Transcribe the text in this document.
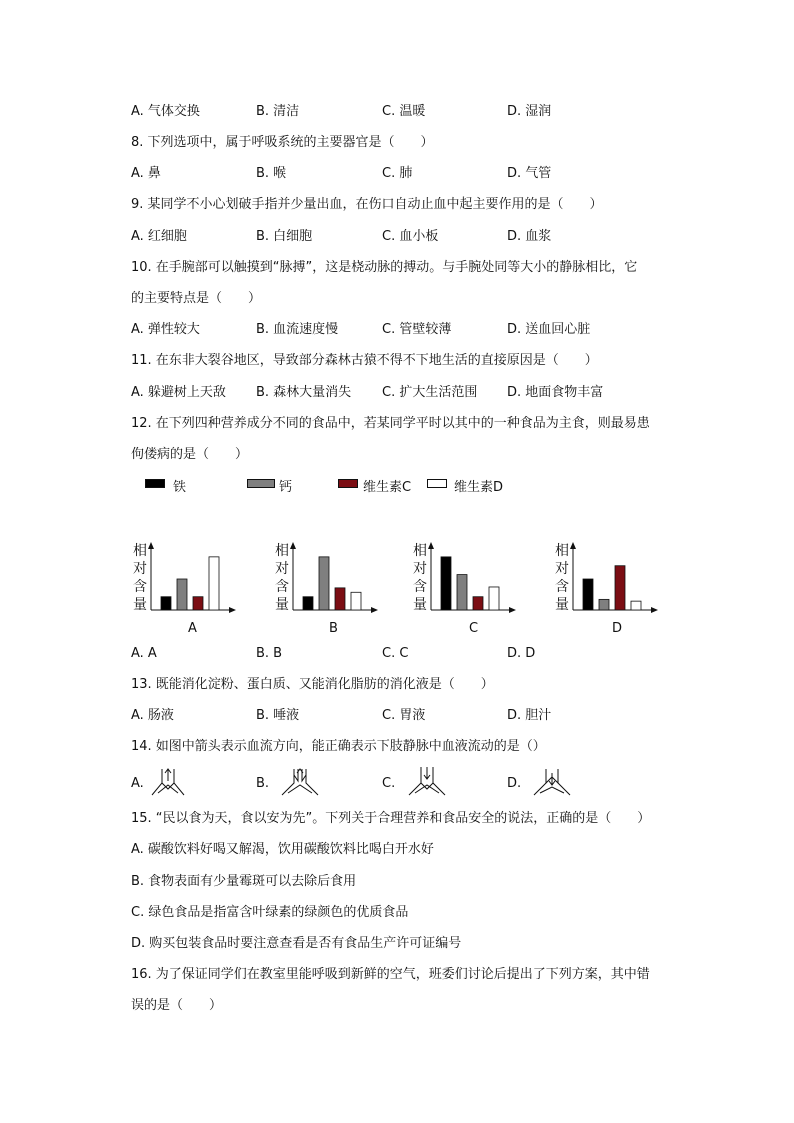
A. 气体交换	B. 清洁	C. 温暖	D. 湿润
8. 下列选项中，属于呼吸系统的主要器官是（　　）
A. 鼻	B. 喉	C. 肺	D. 气管
9. 某同学不小心划破手指并少量出血，在伤口自动止血中起主要作用的是（　　）
A. 红细胞	B. 白细胞	C. 血小板	D. 血浆
10. 在手腕部可以触摸到“脉搏”，这是桡动脉的搏动。与手腕处同等大小的静脉相比，它
的主要特点是（　　）
A. 弹性较大	B. 血流速度慢	C. 管壁较薄	D. 送血回心脏
11. 在东非大裂谷地区，导致部分森林古猿不得不下地生活的直接原因是（　　）
A. 躲避树上天敌 B. 森林大量消失 C. 扩大生活范围 D. 地面食物丰富
12. 在下列四种营养成分不同的食品中，若某同学平时以其中的一种食品为主食，则最易患
佝偻病的是（　　）
铁	钙	维生素C	维生素D
相
对
含
量
A
相
对
含
量
B
相
对
含
量
C
相
对
含
量
D
A. A	B. B	C. C	D. D
13. 既能消化淀粉、蛋白质、又能消化脂肪的消化液是（　　）
A. 肠液	B. 唾液	C. 胃液	D. 胆汁
14. 如图中箭头表示血流方向，能正确表示下肢静脉中血液流动的是（）
A.	B.	C.	D.
15. “民以食为天，食以安为先”。下列关于合理营养和食品安全的说法，正确的是（　　）
A. 碳酸饮料好喝又解渴，饮用碳酸饮料比喝白开水好
B. 食物表面有少量霉斑可以去除后食用
C. 绿色食品是指富含叶绿素的绿颜色的优质食品
D. 购买包装食品时要注意查看是否有食品生产许可证编号
16. 为了保证同学们在教室里能呼吸到新鲜的空气，班委们讨论后提出了下列方案，其中错
误的是（　　）
